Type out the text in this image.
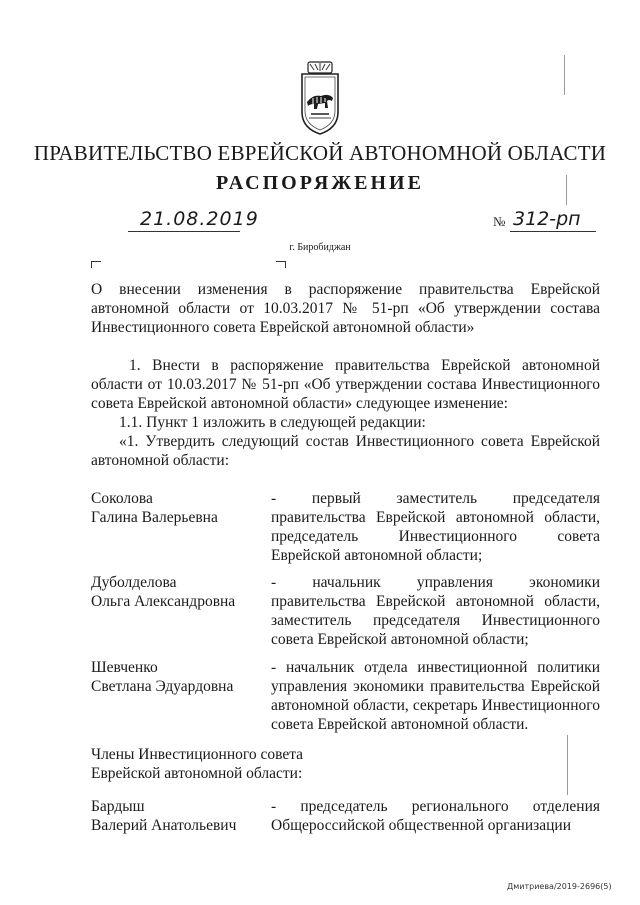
ПРАВИТЕЛЬСТВО ЕВРЕЙСКОЙ АВТОНОМНОЙ ОБЛАСТИ
РАСПОРЯЖЕНИЕ
21.08.2019	№ 312-рп
г. Биробиджан
О внесении изменения в распоряжение правительства Еврейской автономной области от 10.03.2017 № 51-рп «Об утверждении состава Инвестиционного совета Еврейской автономной области»
1. Внести в распоряжение правительства Еврейской автономной области от 10.03.2017 № 51-рп «Об утверждении состава Инвестиционного совета Еврейской автономной области» следующее изменение:
1.1. Пункт 1 изложить в следующей редакции:
«1. Утвердить следующий состав Инвестиционного совета Еврейской автономной области:
Соколова
Галина Валерьевна
- первый заместитель председателя правительства Еврейской автономной области, председатель Инвестиционного совета Еврейской автономной области;
Дуболделова
Ольга Александровна
- начальник управления экономики правительства Еврейской автономной области, заместитель председателя Инвестиционного совета Еврейской автономной области;
Шевченко
Светлана Эдуардовна
- начальник отдела инвестиционной политики управления экономики правительства Еврейской автономной области, секретарь Инвестиционного совета Еврейской автономной области.
Члены Инвестиционного совета
Еврейской автономной области:
Бардыш
Валерий Анатольевич
- председатель регионального отделения Общероссийской общественной организации
Дмитриева/2019-2696(5)
